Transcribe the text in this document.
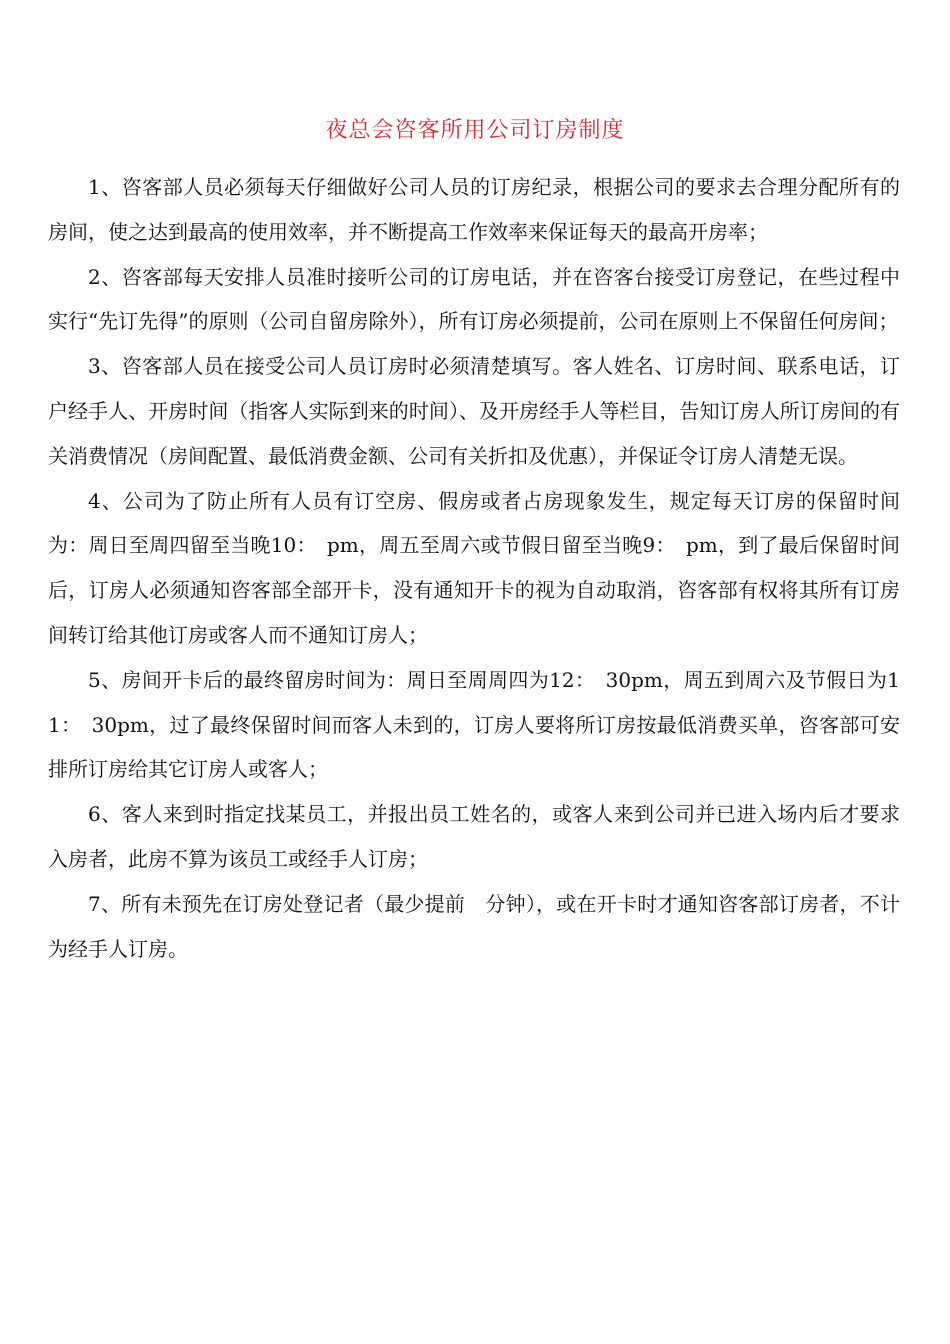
夜总会咨客所用公司订房制度

1、咨客部人员必须每天仔细做好公司人员的订房纪录，根据公司的要求去合理分配所有的房间，使之达到最高的使用效率，并不断提高工作效率来保证每天的最高开房率；

2、咨客部每天安排人员准时接听公司的订房电话，并在咨客台接受订房登记，在些过程中实行“先订先得”的原则（公司自留房除外），所有订房必须提前，公司在原则上不保留任何房间；

3、咨客部人员在接受公司人员订房时必须清楚填写。客人姓名、订房时间、联系电话，订户经手人、开房时间（指客人实际到来的时间）、及开房经手人等栏目，告知订房人所订房间的有关消费情况（房间配置、最低消费金额、公司有关折扣及优惠），并保证令订房人清楚无误。

4、公司为了防止所有人员有订空房、假房或者占房现象发生，规定每天订房的保留时间为：周日至周四留至当晚10：　pm，周五至周六或节假日留至当晚9：　pm，到了最后保留时间后，订房人必须通知咨客部全部开卡，没有通知开卡的视为自动取消，咨客部有权将其所有订房间转订给其他订房或客人而不通知订房人；

5、房间开卡后的最终留房时间为：周日至周周四为12：　30pm，周五到周六及节假日为11：　30pm，过了最终保留时间而客人未到的，订房人要将所订房按最低消费买单，咨客部可安排所订房给其它订房人或客人；

6、客人来到时指定找某员工，并报出员工姓名的，或客人来到公司并已进入场内后才要求入房者，此房不算为该员工或经手人订房；

7、所有未预先在订房处登记者（最少提前　分钟），或在开卡时才通知咨客部订房者，不计为经手人订房。
